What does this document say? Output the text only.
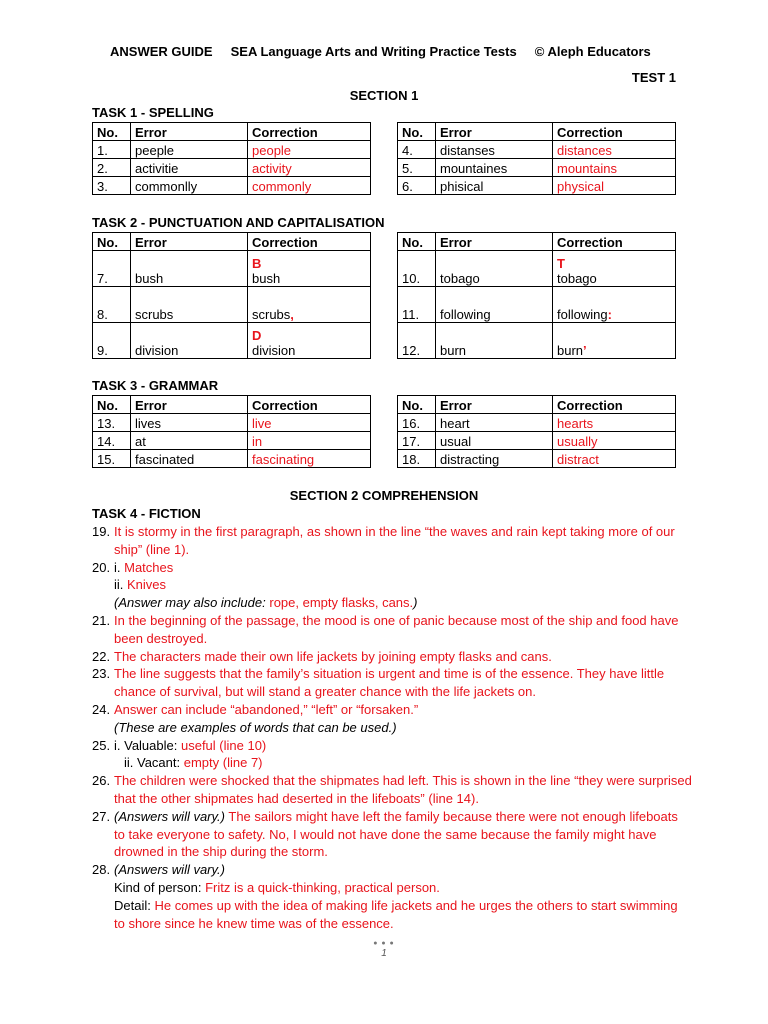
ANSWER GUIDE SEA Language Arts and Writing Practice Tests © Aleph Educators
TEST 1
SECTION 1
TASK 1 - SPELLING
No.	Error	Correction
1.	peeple	people
2.	activitie	activity
3.	commonlly	commonly
No.	Error	Correction
4.	distanses	distances
5.	mountaines	mountains
6.	phisical	physical
TASK 2 - PUNCTUATION AND CAPITALISATION
No.	Error	Correction
7.	bush	B
bush
8.	scrubs	scrubs,
9.	division	D
division
No.	Error	Correction
10.	tobago	T
tobago
11.	following	following:
12.	burn	burn’
TASK 3 - GRAMMAR
No.	Error	Correction
13.	lives	live
14.	at	in
15.	fascinated	fascinating
No.	Error	Correction
16.	heart	hearts
17.	usual	usually
18.	distracting	distract
SECTION 2 COMPREHENSION
TASK 4 - FICTION
19. It is stormy in the first paragraph, as shown in the line “the waves and rain kept taking more of our ship” (line 1).
20. i. Matches
ii. Knives
(Answer may also include: rope, empty flasks, cans.)
21. In the beginning of the passage, the mood is one of panic because most of the ship and food have been destroyed.
22. The characters made their own life jackets by joining empty flasks and cans.
23. The line suggests that the family’s situation is urgent and time is of the essence. They have little chance of survival, but will stand a greater chance with the life jackets on.
24. Answer can include “abandoned,” “left” or “forsaken.”
(These are examples of words that can be used.)
25. i. Valuable: useful (line 10)
ii. Vacant: empty (line 7)
26. The children were shocked that the shipmates had left. This is shown in the line “they were surprised that the other shipmates had deserted in the lifeboats” (line 14).
27. (Answers will vary.) The sailors might have left the family because there were not enough lifeboats to take everyone to safety. No, I would not have done the same because the family might have drowned in the ship during the storm.
28. (Answers will vary.)
Kind of person: Fritz is a quick-thinking, practical person.
Detail: He comes up with the idea of making life jackets and he urges the others to start swimming to shore since he knew time was of the essence.
● ● ●
1
